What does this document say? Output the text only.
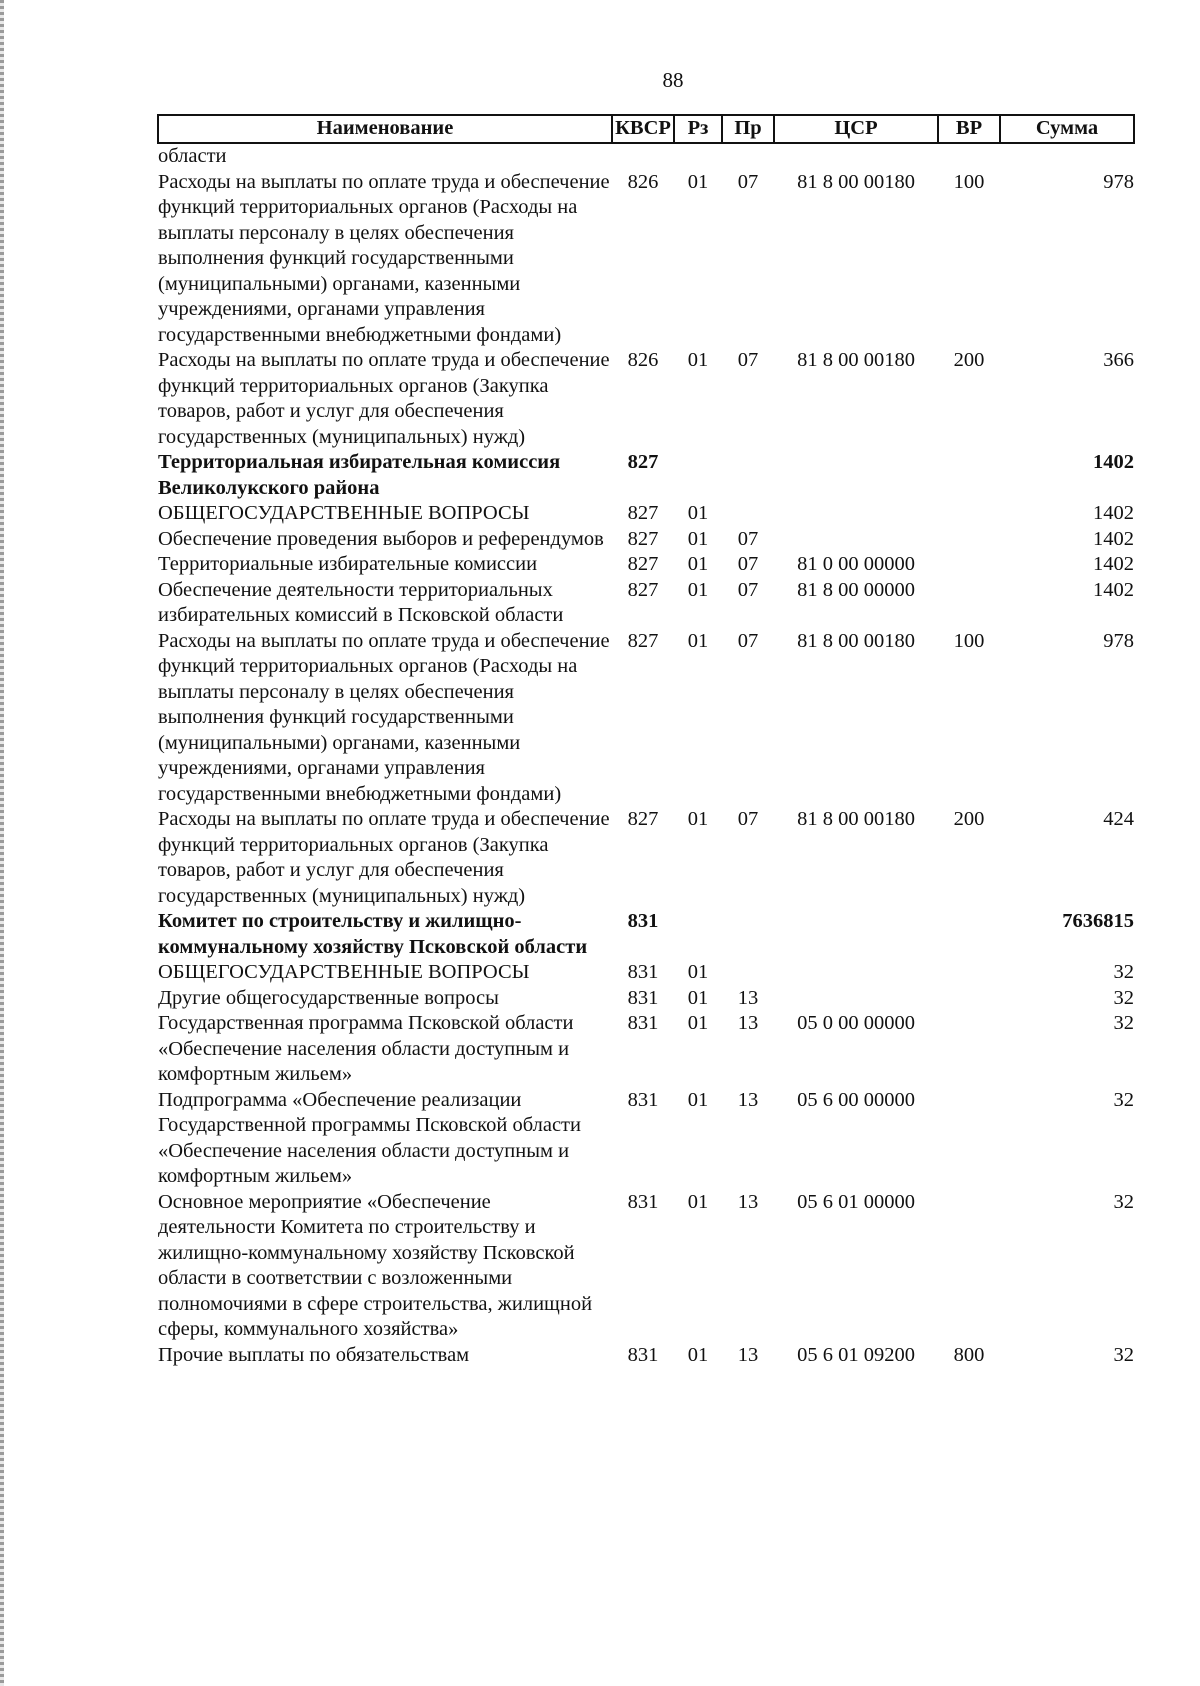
88
Наименование	КВСР	Рз	Пр	ЦСР	ВР	Сумма
области						
Расходы на выплаты по оплате труда и обеспечение функций территориальных органов (Расходы на выплаты персоналу в целях обеспечения выполнения функций государственными (муниципальными) органами, казенными учреждениями, органами управления государственными внебюджетными фондами)	826	01	07	81 8 00 00180	100	978
Расходы на выплаты по оплате труда и обеспечение функций территориальных органов (Закупка товаров, работ и услуг для обеспечения государственных (муниципальных) нужд)	826	01	07	81 8 00 00180	200	366
Территориальная избирательная комиссия Великолукского района	827					1402
ОБЩЕГОСУДАРСТВЕННЫЕ ВОПРОСЫ	827	01				1402
Обеспечение проведения выборов и референдумов	827	01	07			1402
Территориальные избирательные комиссии	827	01	07	81 0 00 00000		1402
Обеспечение деятельности территориальных избирательных комиссий в Псковской области	827	01	07	81 8 00 00000		1402
Расходы на выплаты по оплате труда и обеспечение функций территориальных органов (Расходы на выплаты персоналу в целях обеспечения выполнения функций государственными (муниципальными) органами, казенными учреждениями, органами управления государственными внебюджетными фондами)	827	01	07	81 8 00 00180	100	978
Расходы на выплаты по оплате труда и обеспечение функций территориальных органов (Закупка товаров, работ и услуг для обеспечения государственных (муниципальных) нужд)	827	01	07	81 8 00 00180	200	424
Комитет по строительству и жилищно-коммунальному хозяйству Псковской области	831					7636815
ОБЩЕГОСУДАРСТВЕННЫЕ ВОПРОСЫ	831	01				32
Другие общегосударственные вопросы	831	01	13			32
Государственная программа Псковской области «Обеспечение населения области доступным и комфортным жильем»	831	01	13	05 0 00 00000		32
Подпрограмма «Обеспечение реализации Государственной программы Псковской области «Обеспечение населения области доступным и комфортным жильем»	831	01	13	05 6 00 00000		32
Основное мероприятие «Обеспечение деятельности Комитета по строительству и жилищно-коммунальному хозяйству Псковской области в соответствии с возложенными полномочиями в сфере строительства, жилищной сферы, коммунального хозяйства»	831	01	13	05 6 01 00000		32
Прочие выплаты по обязательствам	831	01	13	05 6 01 09200	800	32
